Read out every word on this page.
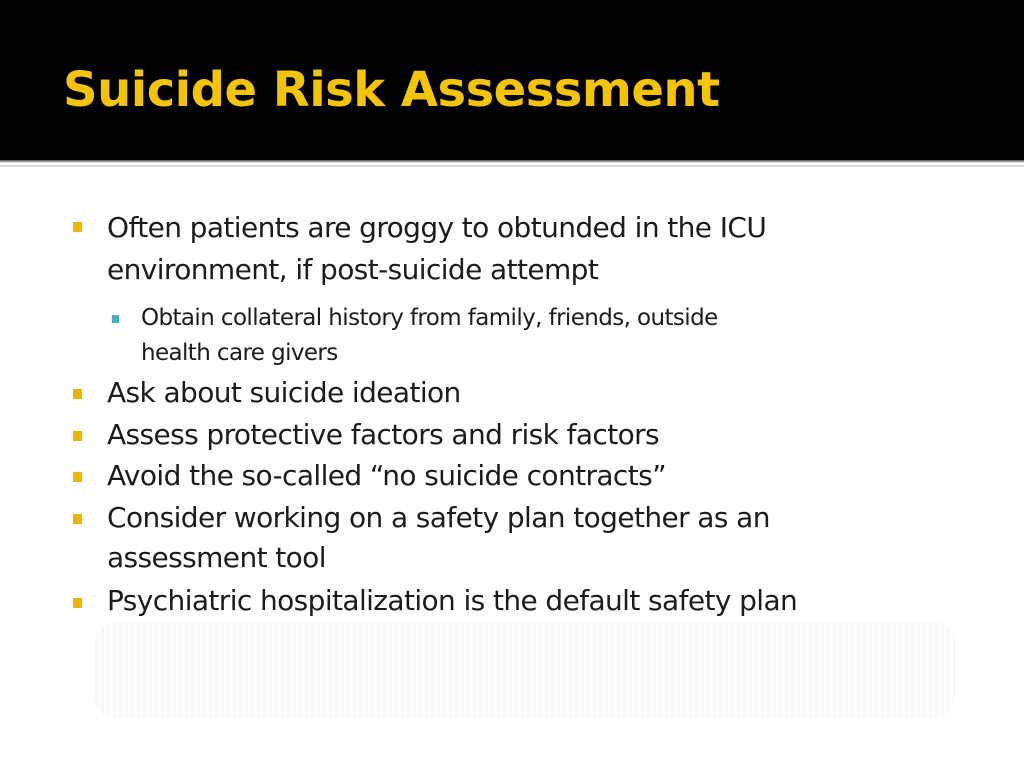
Suicide Risk Assessment
Often patients are groggy to obtunded in the ICU
environment, if post-suicide attempt
Obtain collateral history from family, friends, outside
health care givers
Ask about suicide ideation
Assess protective factors and risk factors
Avoid the so-called “no suicide contracts”
Consider working on a safety plan together as an
assessment tool
Psychiatric hospitalization is the default safety plan
